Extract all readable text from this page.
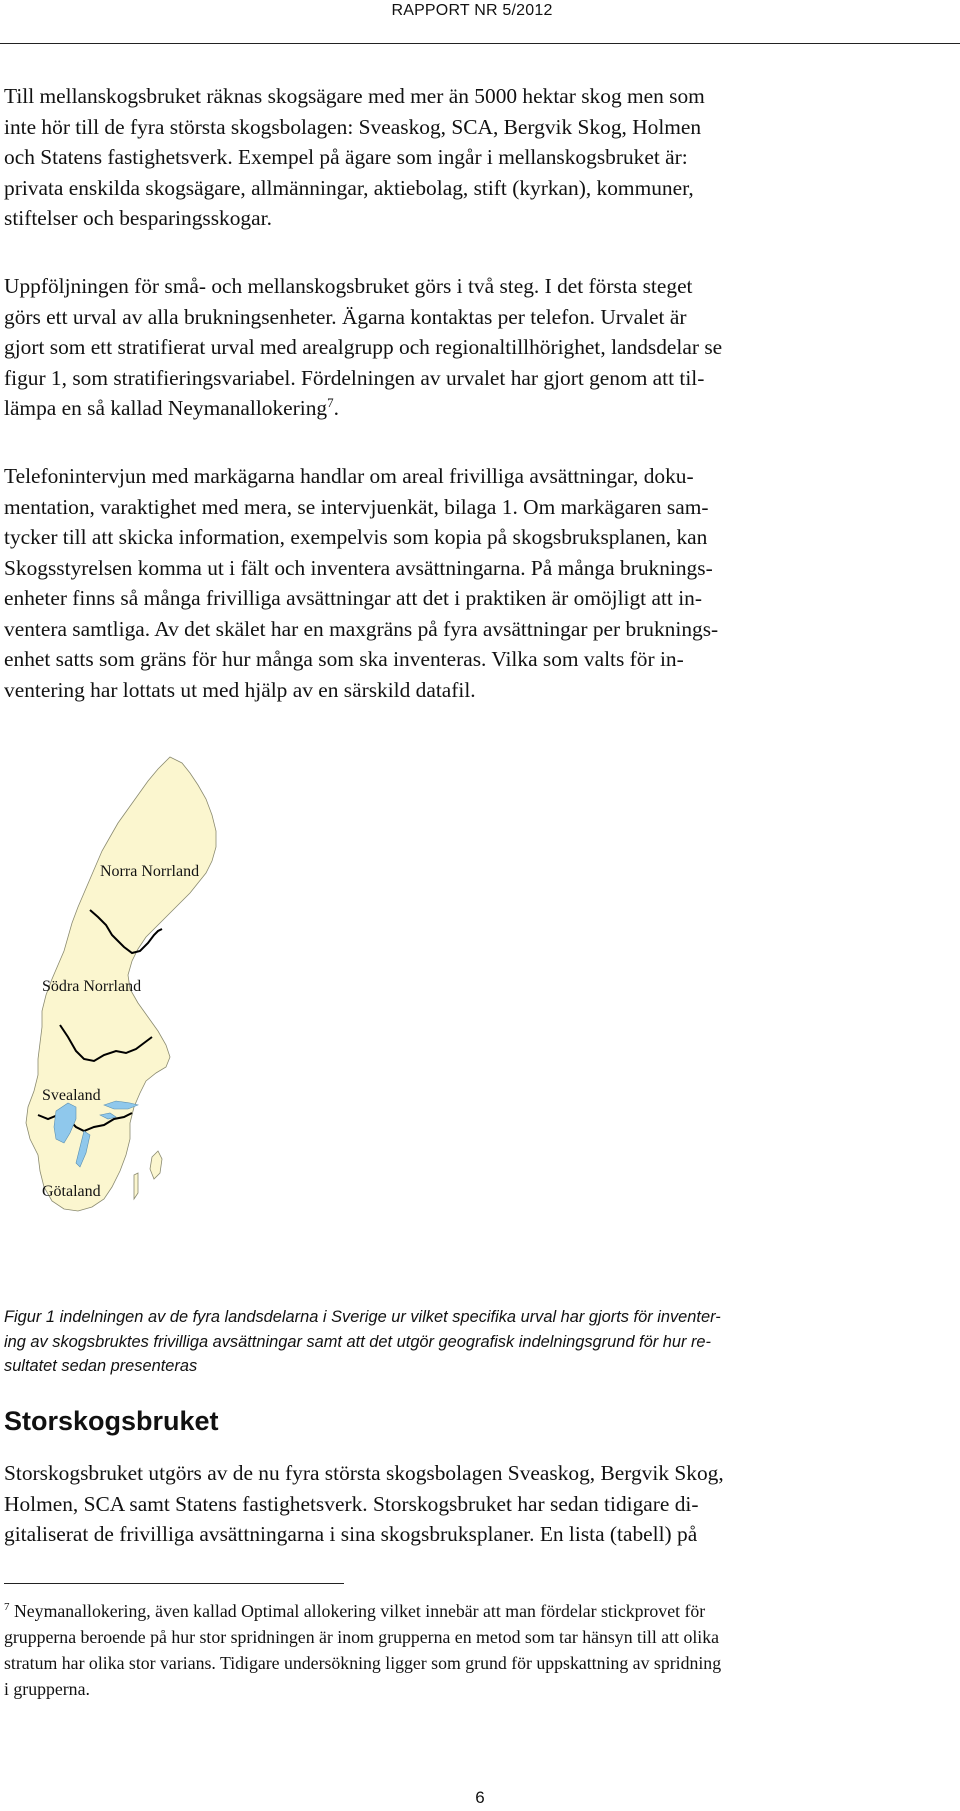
RAPPORT NR 5/2012

Till mellanskogsbruket räknas skogsägare med mer än 5000 hektar skog men som
inte hör till de fyra största skogsbolagen: Sveaskog, SCA, Bergvik Skog, Holmen
och Statens fastighetsverk. Exempel på ägare som ingår i mellanskogsbruket är:
privata enskilda skogsägare, allmänningar, aktiebolag, stift (kyrkan), kommuner,
stiftelser och besparingsskogar.

Uppföljningen för små- och mellanskogsbruket görs i två steg. I det första steget
görs ett urval av alla brukningsenheter. Ägarna kontaktas per telefon. Urvalet är
gjort som ett stratifierat urval med arealgrupp och regionaltillhörighet, landsdelar se
figur 1, som stratifieringsvariabel. Fördelningen av urvalet har gjort genom att til-
lämpa en så kallad Neymanallokering$^7$.

Telefonintervjun med markägarna handlar om areal frivilliga avsättningar, doku-
mentation, varaktighet med mera, se intervjuenkät, bilaga 1. Om markägaren sam-
tycker till att skicka information, exempelvis som kopia på skogsbruksplanen, kan
Skogsstyrelsen komma ut i fält och inventera avsättningarna. På många bruknings-
enheter finns så många frivilliga avsättningar att det i praktiken är omöjligt att in-
ventera samtliga. Av det skälet har en maxgräns på fyra avsättningar per bruknings-
enhet satts som gräns för hur många som ska inventeras. Vilka som valts för in-
ventering har lottats ut med hjälp av en särskild datafil.

Norra Norrland
Södra Norrland
Svealand
Götaland
Figur 1 indelningen av de fyra landsdelarna i Sverige ur vilket specifika urval har gjorts för inventer-
ing av skogsbruktes frivilliga avsättningar samt att det utgör geografisk indelningsgrund för hur re-
sultatet sedan presenteras
Storskogsbruket

Storskogsbruket utgörs av de nu fyra största skogsbolagen Sveaskog, Bergvik Skog,
Holmen, SCA samt Statens fastighetsverk. Storskogsbruket har sedan tidigare di-
gitaliserat de frivilliga avsättningarna i sina skogsbruksplaner. En lista (tabell) på

$^7$ Neymanallokering, även kallad Optimal allokering vilket innebär att man fördelar stickprovet för
grupperna beroende på hur stor spridningen är inom grupperna en metod som tar hänsyn till att olika
stratum har olika stor varians. Tidigare undersökning ligger som grund för uppskattning av spridning
i grupperna.
6
